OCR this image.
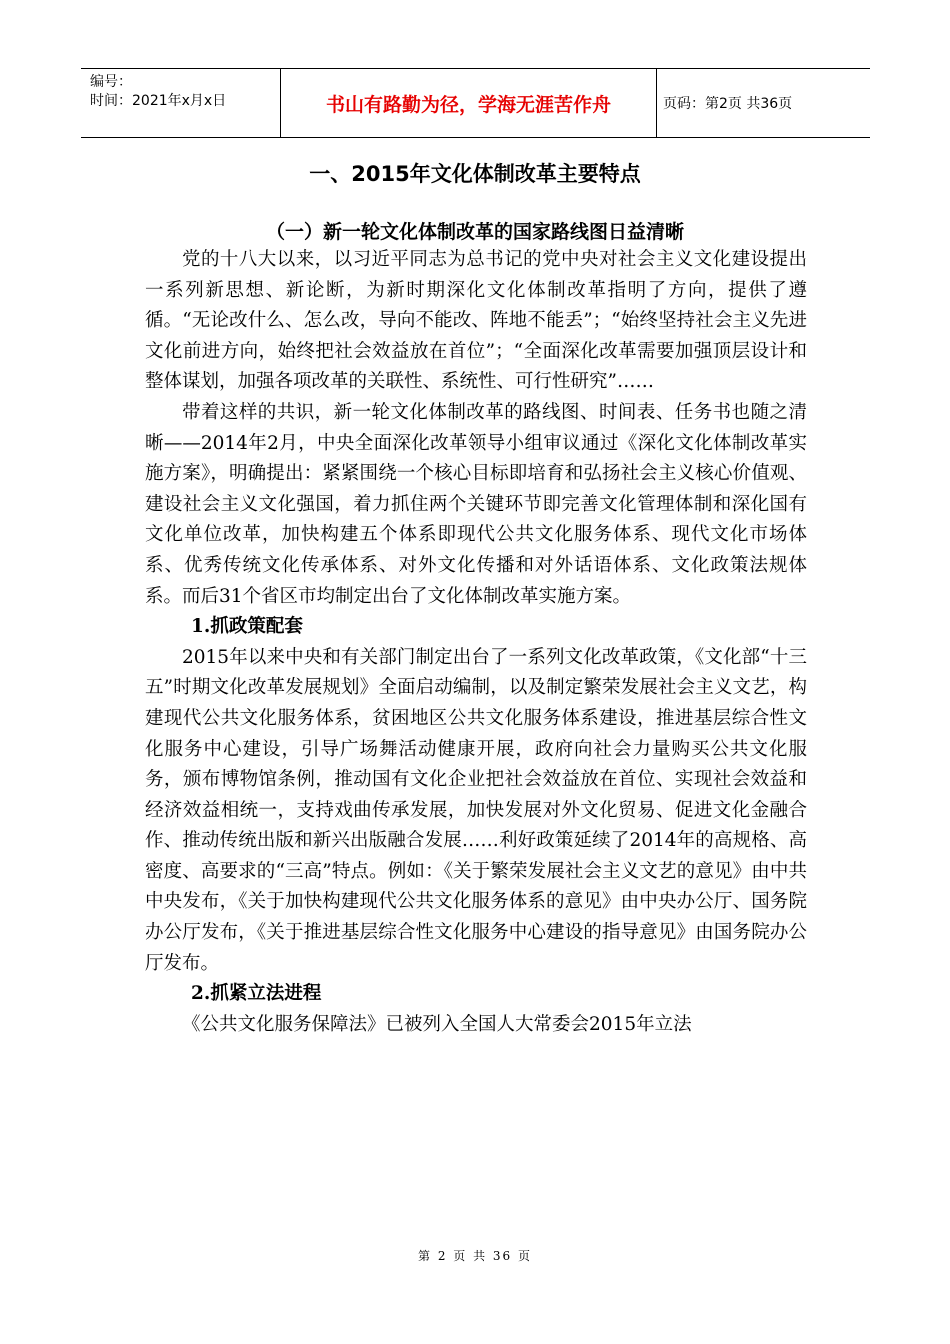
编号：
时间：2021年x月x日	书山有路勤为径，学海无涯苦作舟	页码：第2页 共36页
一、2015年文化体制改革主要特点
（一）新一轮文化体制改革的国家路线图日益清晰

党的十八大以来，以习近平同志为总书记的党中央对社会主义文化建设提出一系列新思想、新论断，为新时期深化文化体制改革指明了方向，提供了遵循。“无论改什么、怎么改，导向不能改、阵地不能丢”；“始终坚持社会主义先进文化前进方向，始终把社会效益放在首位”；“全面深化改革需要加强顶层设计和整体谋划，加强各项改革的关联性、系统性、可行性研究”……

带着这样的共识，新一轮文化体制改革的路线图、时间表、任务书也随之清晰——2014年2月，中央全面深化改革领导小组审议通过《深化文化体制改革实施方案》，明确提出：紧紧围绕一个核心目标即培育和弘扬社会主义核心价值观、建设社会主义文化强国，着力抓住两个关键环节即完善文化管理体制和深化国有文化单位改革，加快构建五个体系即现代公共文化服务体系、现代文化市场体系、优秀传统文化传承体系、对外文化传播和对外话语体系、文化政策法规体系。而后31个省区市均制定出台了文化体制改革实施方案。

1.抓政策配套

2015年以来中央和有关部门制定出台了一系列文化改革政策，《文化部“十三五”时期文化改革发展规划》全面启动编制，以及制定繁荣发展社会主义文艺，构建现代公共文化服务体系，贫困地区公共文化服务体系建设，推进基层综合性文化服务中心建设，引导广场舞活动健康开展，政府向社会力量购买公共文化服务，颁布博物馆条例，推动国有文化企业把社会效益放在首位、实现社会效益和经济效益相统一，支持戏曲传承发展，加快发展对外文化贸易、促进文化金融合作、推动传统出版和新兴出版融合发展……利好政策延续了2014年的高规格、高密度、高要求的“三高”特点。例如：《关于繁荣发展社会主义文艺的意见》由中共中央发布，《关于加快构建现代公共文化服务体系的意见》由中央办公厅、国务院办公厅发布，《关于推进基层综合性文化服务中心建设的指导意见》由国务院办公厅发布。

2.抓紧立法进程

《公共文化服务保障法》已被列入全国人大常委会2015年立法

第 2 页 共 36 页
